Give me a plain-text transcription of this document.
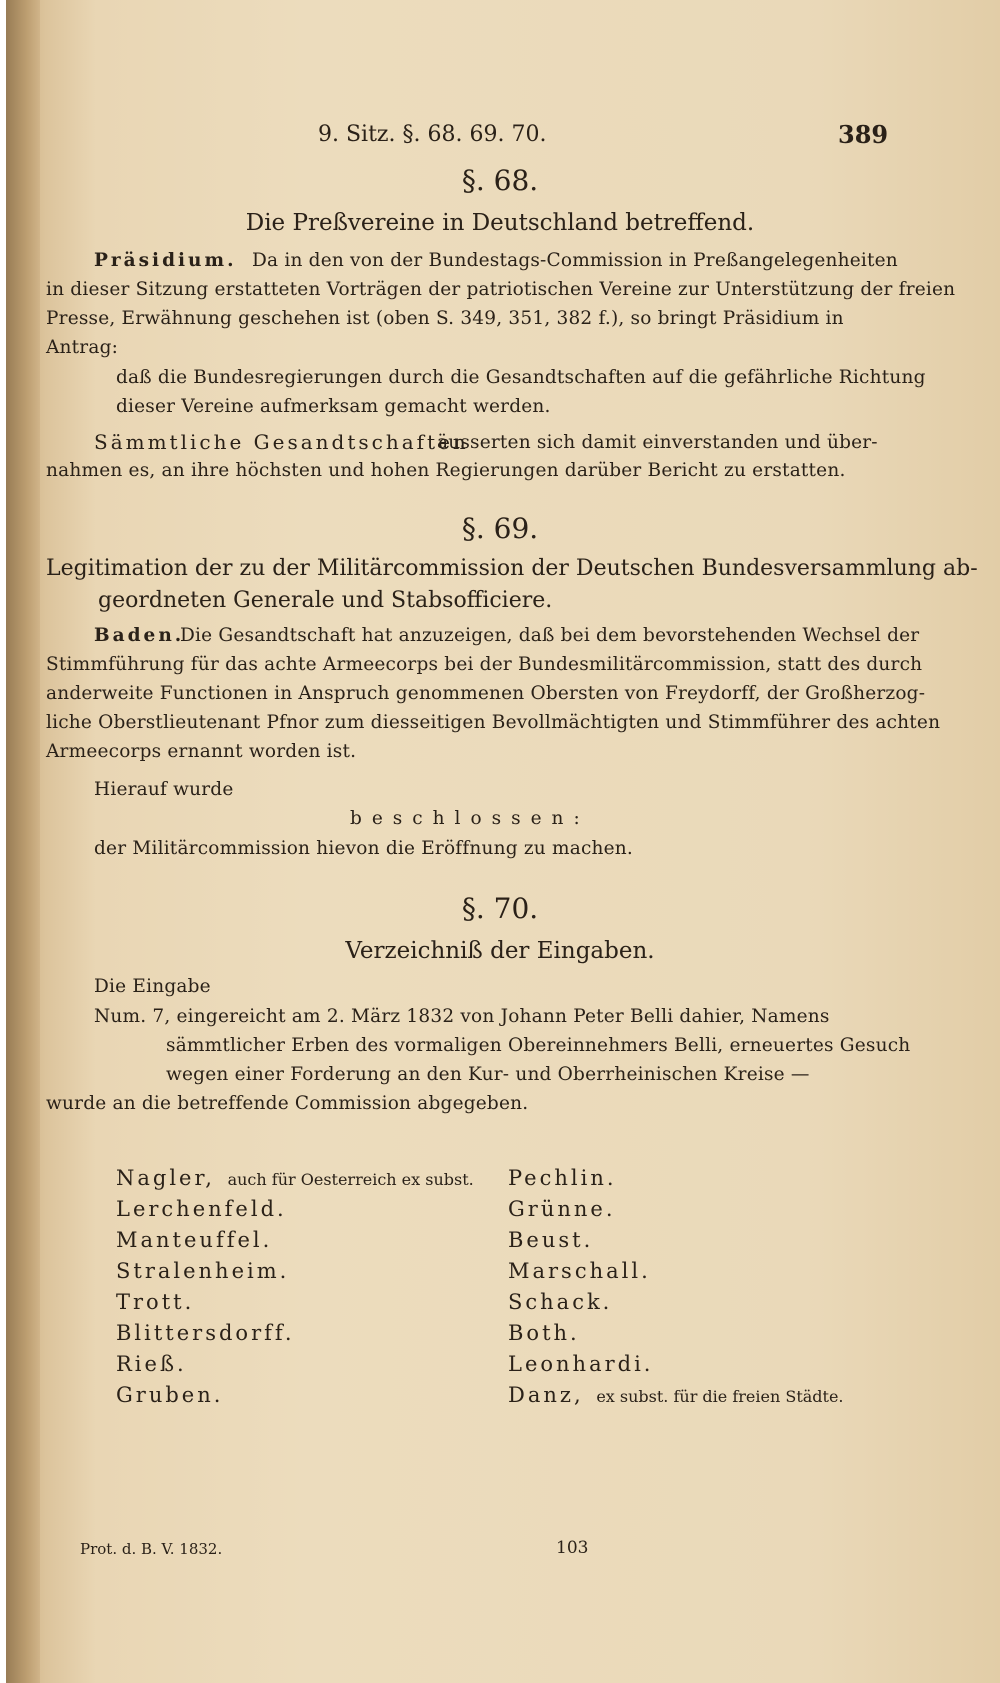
9. Sitz. §. 68. 69. 70.	389
§. 68.
Die Preßvereine in Deutschland betreffend.
Präsidium. Da in den von der Bundestags-Commission in Preßangelegenheiten
in dieser Sitzung erstatteten Vorträgen der patriotischen Vereine zur Unterstützung der freien
Presse, Erwähnung geschehen ist (oben S. 349, 351, 382 f.), so bringt Präsidium in
Antrag:
daß die Bundesregierungen durch die Gesandtschaften auf die gefährliche Richtung
dieser Vereine aufmerksam gemacht werden.
Sämmtliche Gesandtschaften
äusserten sich damit einverstanden und über-
nahmen es, an ihre höchsten und hohen Regierungen darüber Bericht zu erstatten.
§. 69.
Legitimation der zu der Militärcommission der Deutschen Bundesversammlung ab-
geordneten Generale und Stabsofficiere.
Baden.
Die Gesandtschaft hat anzuzeigen, daß bei dem bevorstehenden Wechsel der
Stimmführung für das achte Armeecorps bei der Bundesmilitärcommission, statt des durch
anderweite Functionen in Anspruch genommenen Obersten von Freydorff, der Großherzog-
liche Oberstlieutenant Pfnor zum diesseitigen Bevollmächtigten und Stimmführer des achten
Armeecorps ernannt worden ist.
Hierauf wurde
beschlossen:
der Militärcommission hievon die Eröffnung zu machen.
§. 70.
Verzeichniß der Eingaben.
Die Eingabe
Num. 7, eingereicht am 2. März 1832 von Johann Peter Belli dahier, Namens
sämmtlicher Erben des vormaligen Obereinnehmers Belli, erneuertes Gesuch
wegen einer Forderung an den Kur- und Oberrheinischen Kreise —
wurde an die betreffende Commission abgegeben.
Nagler, auch für Oesterreich ex subst.
Lerchenfeld.
Manteuffel.
Stralenheim.
Trott.
Blittersdorff.
Rieß.
Gruben.
Pechlin.
Grünne.
Beust.
Marschall.
Schack.
Both.
Leonhardi.
Danz, ex subst. für die freien Städte.
Prot. d. B. V. 1832.	103
